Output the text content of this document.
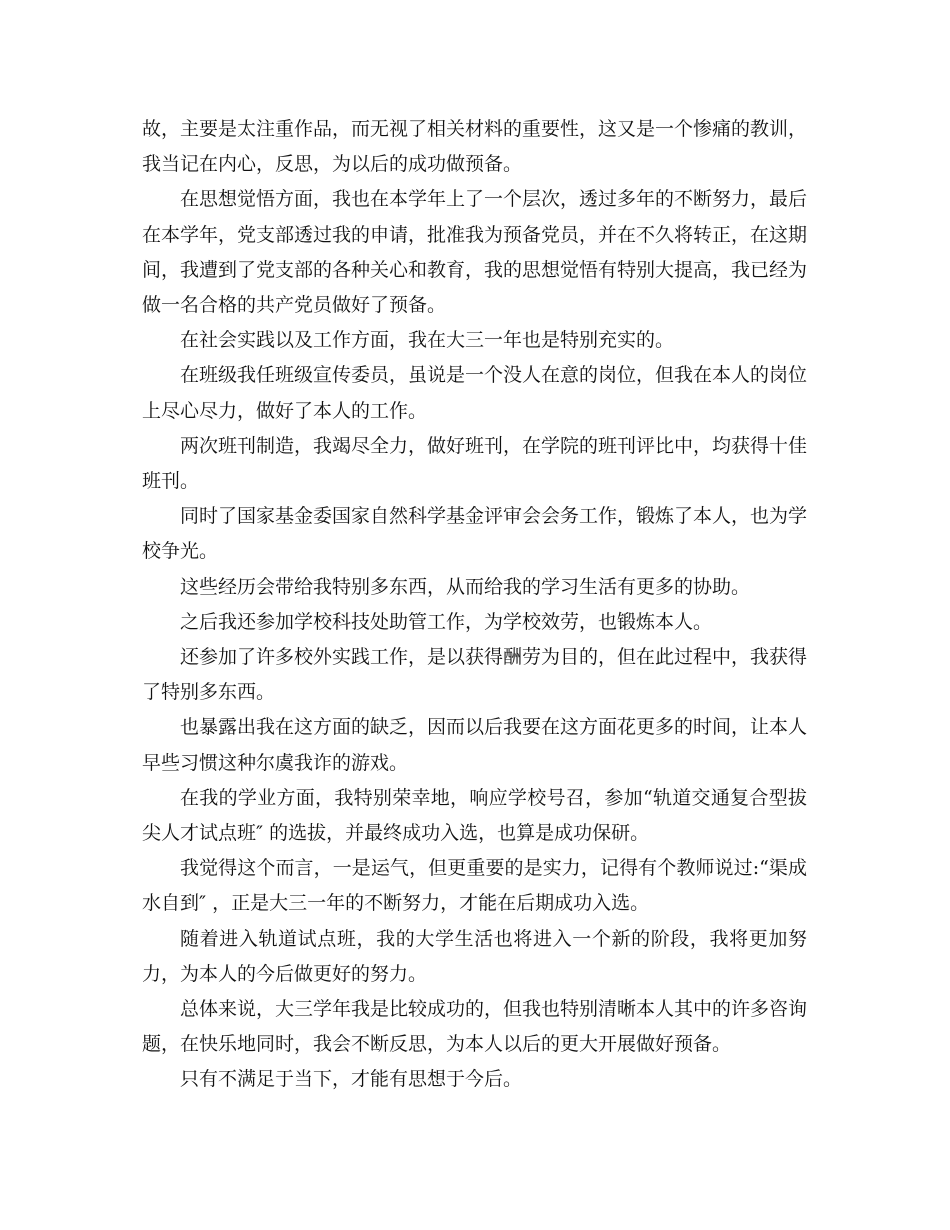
故，主要是太注重作品，而无视了相关材料的重要性，这又是一个惨痛的教训，我当记在内心，反思，为以后的成功做预备。

在思想觉悟方面，我也在本学年上了一个层次，透过多年的不断努力，最后在本学年，党支部透过我的申请，批准我为预备党员，并在不久将转正，在这期间，我遭到了党支部的各种关心和教育，我的思想觉悟有特别大提高，我已经为做一名合格的共产党员做好了预备。

在社会实践以及工作方面，我在大三一年也是特别充实的。

在班级我任班级宣传委员，虽说是一个没人在意的岗位，但我在本人的岗位上尽心尽力，做好了本人的工作。

两次班刊制造，我竭尽全力，做好班刊，在学院的班刊评比中，均获得十佳班刊。

同时了国家基金委国家自然科学基金评审会会务工作，锻炼了本人，也为学校争光。

这些经历会带给我特别多东西，从而给我的学习生活有更多的协助。

之后我还参加学校科技处助管工作，为学校效劳，也锻炼本人。

还参加了许多校外实践工作，是以获得酬劳为目的，但在此过程中，我获得了特别多东西。

也暴露出我在这方面的缺乏，因而以后我要在这方面花更多的时间，让本人早些习惯这种尔虞我诈的游戏。

在我的学业方面，我特别荣幸地，响应学校号召，参加“轨道交通复合型拔尖人才试点班″ 的选拔，并最终成功入选，也算是成功保研。

我觉得这个而言，一是运气，但更重要的是实力，记得有个教师说过:“渠成水自到″ ，正是大三一年的不断努力，才能在后期成功入选。

随着进入轨道试点班，我的大学生活也将进入一个新的阶段，我将更加努力，为本人的今后做更好的努力。

总体来说，大三学年我是比较成功的，但我也特别清晰本人其中的许多咨询题，在快乐地同时，我会不断反思，为本人以后的更大开展做好预备。

只有不满足于当下，才能有思想于今后。
